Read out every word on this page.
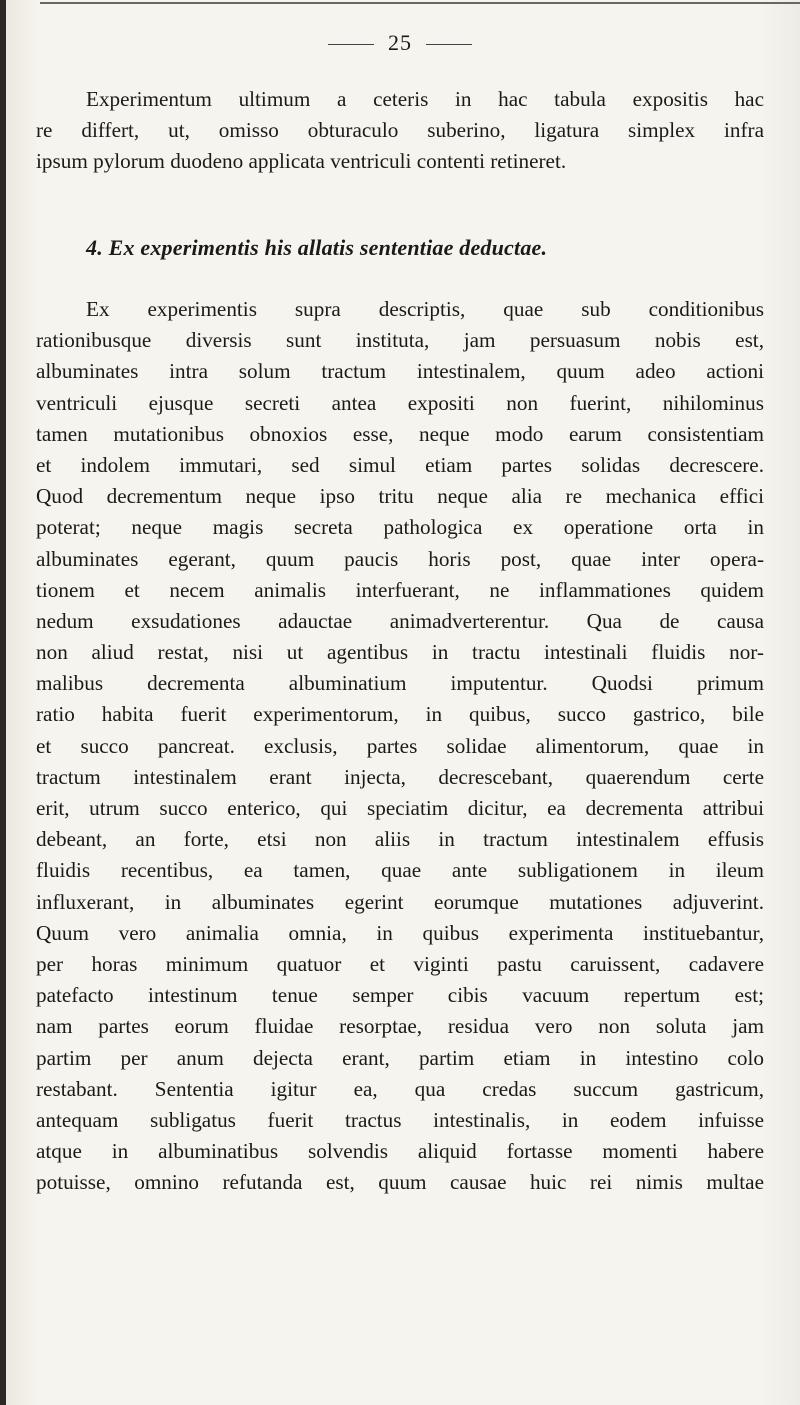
25
Experimentum ultimum a ceteris in hac tabula expositis hac
re differt, ut, omisso obturaculo suberino, ligatura simplex infra
ipsum pylorum duodeno applicata ventriculi contenti retineret.
4. Ex experimentis his allatis sententiae deductae.
Ex experimentis supra descriptis, quae sub conditionibus
rationibusque diversis sunt instituta, jam persuasum nobis est,
albuminates intra solum tractum intestinalem, quum adeo actioni
ventriculi ejusque secreti antea expositi non fuerint, nihilominus
tamen mutationibus obnoxios esse, neque modo earum consistentiam
et indolem immutari, sed simul etiam partes solidas decrescere.
Quod decrementum neque ipso tritu neque alia re mechanica effici
poterat; neque magis secreta pathologica ex operatione orta in
albuminates egerant, quum paucis horis post, quae inter opera-
tionem et necem animalis interfuerant, ne inflammationes quidem
nedum exsudationes adauctae animadverterentur. Qua de causa
non aliud restat, nisi ut agentibus in tractu intestinali fluidis nor-
malibus decrementa albuminatium imputentur. Quodsi primum
ratio habita fuerit experimentorum, in quibus, succo gastrico, bile
et succo pancreat. exclusis, partes solidae alimentorum, quae in
tractum intestinalem erant injecta, decrescebant, quaerendum certe
erit, utrum succo enterico, qui speciatim dicitur, ea decrementa attribui
debeant, an forte, etsi non aliis in tractum intestinalem effusis
fluidis recentibus, ea tamen, quae ante subligationem in ileum
influxerant, in albuminates egerint eorumque mutationes adjuverint.
Quum vero animalia omnia, in quibus experimenta instituebantur,
per horas minimum quatuor et viginti pastu caruissent, cadavere
patefacto intestinum tenue semper cibis vacuum repertum est;
nam partes eorum fluidae resorptae, residua vero non soluta jam
partim per anum dejecta erant, partim etiam in intestino colo
restabant. Sententia igitur ea, qua credas succum gastricum,
antequam subligatus fuerit tractus intestinalis, in eodem infuisse
atque in albuminatibus solvendis aliquid fortasse momenti habere
potuisse, omnino refutanda est, quum causae huic rei nimis multae
